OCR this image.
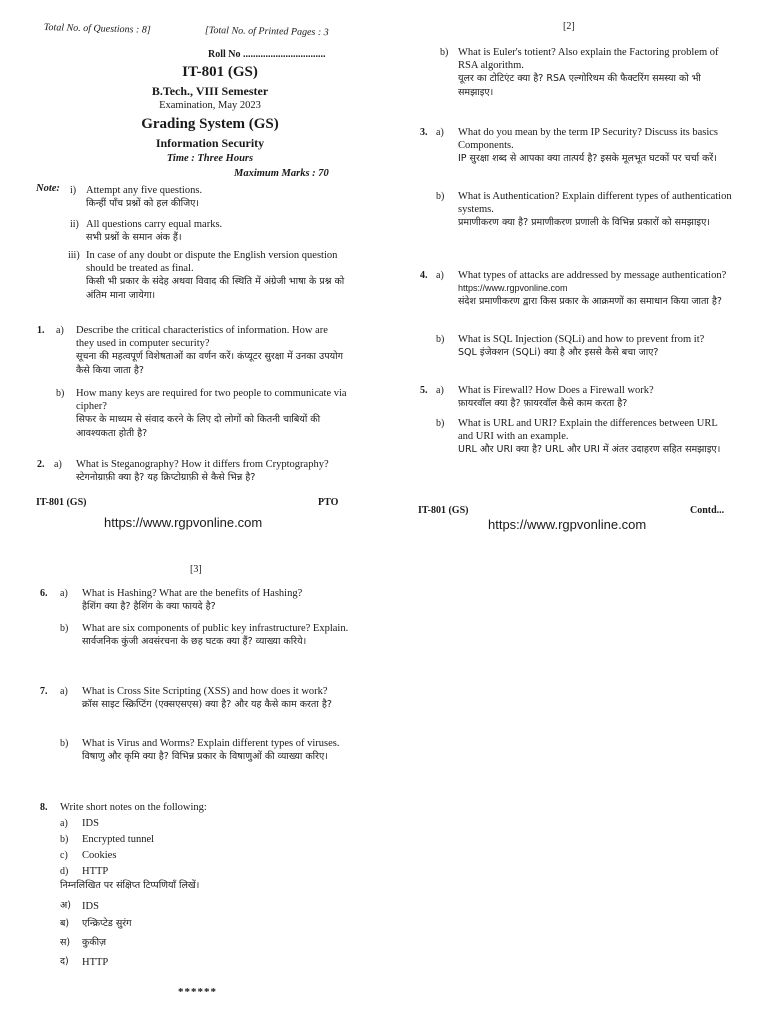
Total No. of Questions : 8]	[Total No. of Printed Pages : 3
Roll No .................................
IT-801 (GS)
B.Tech., VIII Semester
Examination, May 2023
Grading System (GS)
Information Security
Time : Three Hours
Maximum Marks : 70
Note: i) Attempt any five questions.

किन्हीं पाँच प्रश्नों को हल कीजिए।

ii) All questions carry equal marks.

सभी प्रश्नों के समान अंक हैं।

iii) In case of any doubt or dispute the English version question should be treated as final.

किसी भी प्रकार के संदेह अथवा विवाद की स्थिति में अंग्रेजी भाषा के प्रश्न को अंतिम माना जायेगा।

1. a) Describe the critical characteristics of information. How are they used in computer security?

सूचना की महत्वपूर्ण विशेषताओं का वर्णन करें। कंप्यूटर सुरक्षा में उनका उपयोग कैसे किया जाता है?

b) How many keys are required for two people to communicate via cipher?

सिफर के माध्यम से संवाद करने के लिए दो लोगों को कितनी चाबियों की आवश्यकता होती है?

2. a) What is Steganography? How it differs from Cryptography?

स्टेगनोग्राफ़ी क्या है? यह क्रिप्टोग्राफ़ी से कैसे भिन्न है?

IT-801 (GS)	PTO
https://www.rgpvonline.com
[2]
b) What is Euler's totient? Also explain the Factoring problem of RSA algorithm.

यूलर का टोटिएंट क्या है? RSA एल्गोरिथम की फैक्टरिंग समस्या को भी समझाइए।

3. a) What do you mean by the term IP Security? Discuss its basics Components.

IP सुरक्षा शब्द से आपका क्या तात्पर्य है? इसके मूलभूत घटकों पर चर्चा करें।

b) What is Authentication? Explain different types of authentication systems.

प्रमाणीकरण क्या है? प्रमाणीकरण प्रणाली के विभिन्न प्रकारों को समझाइए।

4. a) What types of attacks are addressed by message authentication? https://www.rgpvonline.com

संदेश प्रमाणीकरण द्वारा किस प्रकार के आक्रमणों का समाधान किया जाता है?

b) What is SQL Injection (SQLi) and how to prevent from it?

SQL इंजेक्शन (SQLi) क्या है और इससे कैसे बचा जाए?

5. a) What is Firewall? How Does a Firewall work?

फ़ायरवॉल क्या है? फ़ायरवॉल कैसे काम करता है?

b) What is URL and URI? Explain the differences between URL and URI with an example.

URL और URI क्या है? URL और URI में अंतर उदाहरण सहित समझाइए।

IT-801 (GS)	Contd...
https://www.rgpvonline.com
[3]
6. a) What is Hashing? What are the benefits of Hashing?

हैशिंग क्या है? हैशिंग के क्या फायदे है?

b) What are six components of public key infrastructure? Explain.

सार्वजनिक कुंजी अवसंरचना के छह घटक क्या हैं? व्याख्या करिये।

7. a) What is Cross Site Scripting (XSS) and how does it work?

क्रॉस साइट स्क्रिप्टिंग (एक्सएसएस) क्या है? और यह कैसे काम करता है?

b) What is Virus and Worms? Explain different types of viruses.

विषाणु और कृमि क्या है? विभिन्न प्रकार के विषाणुओं की व्याख्या करिए।

8. Write short notes on the following:
a) IDS
b) Encrypted tunnel
c) Cookies
d) HTTP
निम्नलिखित पर संक्षिप्त टिप्पणियाँ लिखें।
अ) IDS
ब) एन्क्रिप्टेड सुरंग
स) कुकीज़
द) HTTP
******
